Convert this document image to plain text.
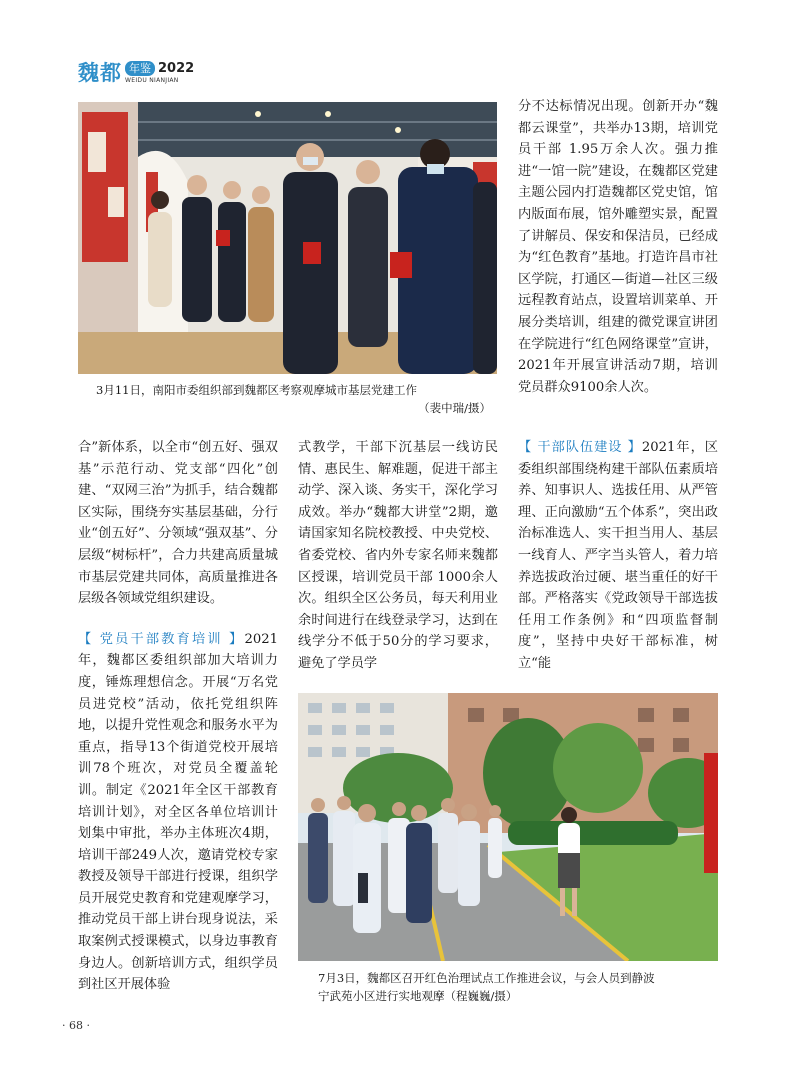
魏都 年鉴 2022
WEIDU NIANJIAN
3月11日，南阳市委组织部到魏都区考察观摩城市基层党建工作
（裴中瑞/摄）

分不达标情况出现。创新开办“魏都云课堂”，共举办13期，培训党员干部 1.95万余人次。强力推进“一馆一院”建设，在魏都区党建主题公园内打造魏都区党史馆，馆内版面布展，馆外雕塑实景，配置了讲解员、保安和保洁员，已经成为“红色教育”基地。打造许昌市社区学院，打通区—街道—社区三级远程教育站点，设置培训菜单、开展分类培训，组建的微党课宣讲团在学院进行“红色网络课堂”宣讲，2021年开展宣讲活动7期，培训党员群众9100余人次。

合”新体系，以全市“创五好、强双基”示范行动、党支部“四化”创建、“双网三治”为抓手，结合魏都区实际，围绕夯实基层基础，分行业“创五好”、分领域“强双基”、分层级“树标杆”，合力共建高质量城市基层党建共同体，高质量推进各层级各领域党组织建设。

【 党员干部教育培训 】2021年，魏都区委组织部加大培训力度，锤炼理想信念。开展“万名党员进党校”活动，依托党组织阵地，以提升党性观念和服务水平为重点，指导13个街道党校开展培训78个班次，对党员全覆盖轮训。制定《2021年全区干部教育培训计划》，对全区各单位培训计划集中审批，举办主体班次4期，培训干部249人次，邀请党校专家教授及领导干部进行授课，组织学员开展党史教育和党建观摩学习，推动党员干部上讲台现身说法，采取案例式授课模式，以身边事教育身边人。创新培训方式，组织学员到社区开展体验

式教学，干部下沉基层一线访民情、惠民生、解难题，促进干部主动学、深入谈、务实干，深化学习成效。举办“魏都大讲堂”2期，邀请国家知名院校教授、中央党校、省委党校、省内外专家名师来魏都区授课，培训党员干部 1000余人次。组织全区公务员，每天利用业余时间进行在线登录学习，达到在线学分不低于50分的学习要求，避免了学员学

【 干部队伍建设 】2021年，区委组织部围绕构建干部队伍素质培养、知事识人、选拔任用、从严管理、正向激励“五个体系”，突出政治标准选人、实干担当用人、基层一线育人、严字当头管人，着力培养选拔政治过硬、堪当重任的好干部。严格落实《党政领导干部选拔任用工作条例》和“四项监督制度”，坚持中央好干部标准，树立“能

7月3日，魏都区召开红色治理试点工作推进会议，与会人员到静波
宁武苑小区进行实地观摩（程巍巍/摄）
· 68 ·
